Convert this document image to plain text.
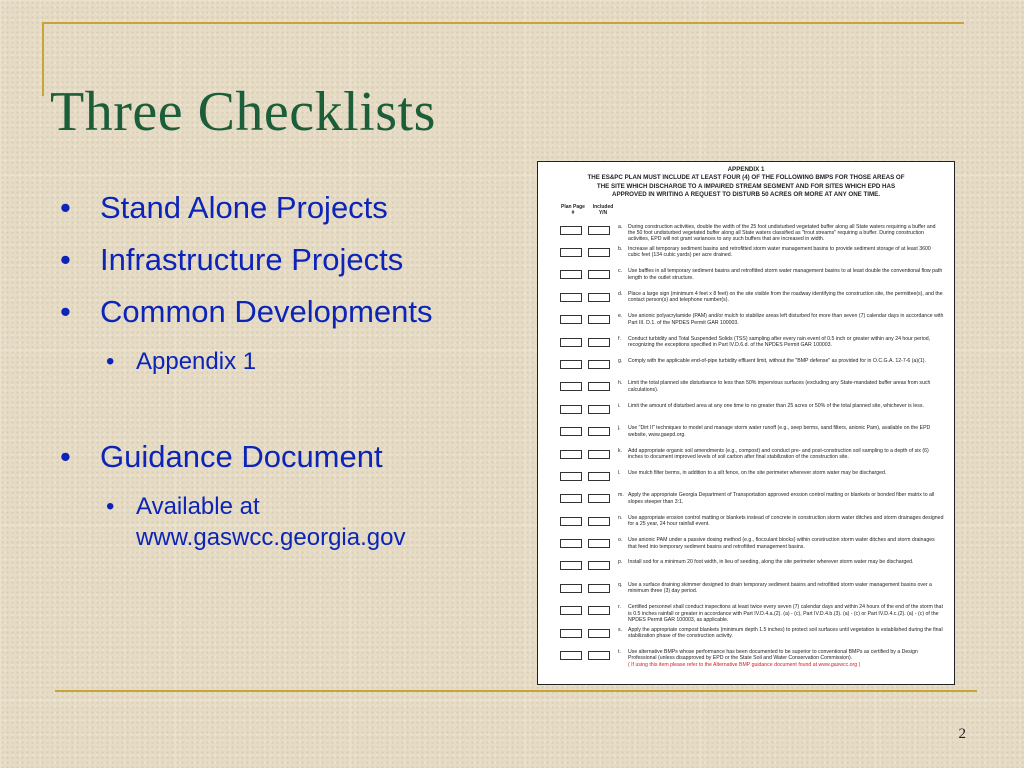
Three Checklists
• Stand Alone Projects
• Infrastructure Projects
• Common Developments
• Appendix 1
• Guidance Document
• Available at www.gaswcc.georgia.gov
APPENDIX 1
THE ES&PC PLAN MUST INCLUDE AT LEAST FOUR (4) OF THE FOLLOWING BMPS FOR THOSE AREAS OF
THE SITE WHICH DISCHARGE TO A IMPAIRED STREAM SEGMENT AND FOR SITES WHICH EPD HAS
APPROVED IN WRITING A REQUEST TO DISTURB 50 ACRES OR MORE AT ANY ONE TIME.
Plan Page #
Included Y/N
a. During construction activities, double the width of the 25 foot undisturbed vegetated buffer along all State waters requiring a buffer and the 50 foot undisturbed vegetated buffer along all State waters classified as "trout streams" requiring a buffer. During construction activities, EPD will not grant variances to any such buffers that are increased in width.
b. Increase all temporary sediment basins and retrofitted storm water management basins to provide sediment storage of at least 3600 cubic feet (134 cubic yards) per acre drained.
c. Use baffles in all temporary sediment basins and retrofitted storm water management basins to at least double the conventional flow path length to the outlet structure.
d. Place a large sign (minimum 4 feet x 8 feet) on the site visible from the roadway identifying the construction site, the permittee(s), and the contact person(s) and telephone number(s).
e. Use anionic polyacrylamide (PAM) and/or mulch to stabilize areas left disturbed for more than seven (7) calendar days in accordance with Part III. D.1. of the NPDES Permit GAR 100003.
f. Conduct turbidity and Total Suspended Solids (TSS) sampling after every rain event of 0.5 inch or greater within any 24 hour period, recognizing the exceptions specified in Part IV.D.6.d. of the NPDES Permit GAR 100003.
g. Comply with the applicable end-of-pipe turbidity effluent limit, without the "BMP defense" as provided for in O.C.G.A. 12-7-6 (a)(1).
h. Limit the total planned site disturbance to less than 50% impervious surfaces (excluding any State-mandated buffer areas from such calculations).
i. Limit the amount of disturbed area at any one time to no greater than 25 acres or 50% of the total planned site, whichever is less.
j. Use "Dirt II" techniques to model and manage storm water runoff (e.g., seep berms, sand filters, anionic Pam), available on the EPD website, www.gaepd.org.
k. Add appropriate organic soil amendments (e.g., compost) and conduct pre- and post-construction soil sampling to a depth of six (6) inches to document improved levels of soil carbon after final stabilization of the construction site.
l. Use mulch filter berms, in addition to a silt fence, on the site perimeter wherever storm water may be discharged.
m. Apply the appropriate Georgia Department of Transportation approved erosion control matting or blankets or bonded fiber matrix to all slopes steeper than 3:1.
n. Use appropriate erosion control matting or blankets instead of concrete in construction storm water ditches and storm drainages designed for a 25 year, 24 hour rainfall event.
o. Use anionic PAM under a passive dosing method (e.g., flocculant blocks) within construction storm water ditches and storm drainages that feed into temporary sediment basins and retrofitted management basins.
p. Install sod for a minimum 20 foot width, in lieu of seeding, along the site perimeter wherever storm water may be discharged.
q. Use a surface draining skimmer designed to drain temporary sediment basins and retrofitted storm water management basins over a minimum three (3) day period.
r. Certified personnel shall conduct inspections at least twice every seven (7) calendar days and within 24 hours of the end of the storm that is 0.5 inches rainfall or greater in accordance with Part IV.D.4.a.(2). (a) - (c), Part IV.D.4.b.(3). (a) - (c) or Part IV.D.4.c.(2). (a) - (c) of the NPDES Permit GAR 100003, as applicable.
s. Apply the appropriate compost blankets (minimum depth 1.5 inches) to protect soil surfaces until vegetation is established during the final stabilization phase of the construction activity.
t. Use alternative BMPs whose performance has been documented to be superior to conventional BMPs as certified by a Design Professional (unless disapproved by EPD or the State Soil and Water Conservation Commission).
( If using this item please refer to the Alternative BMP guidance document found at www.gaswcc.org )
2
